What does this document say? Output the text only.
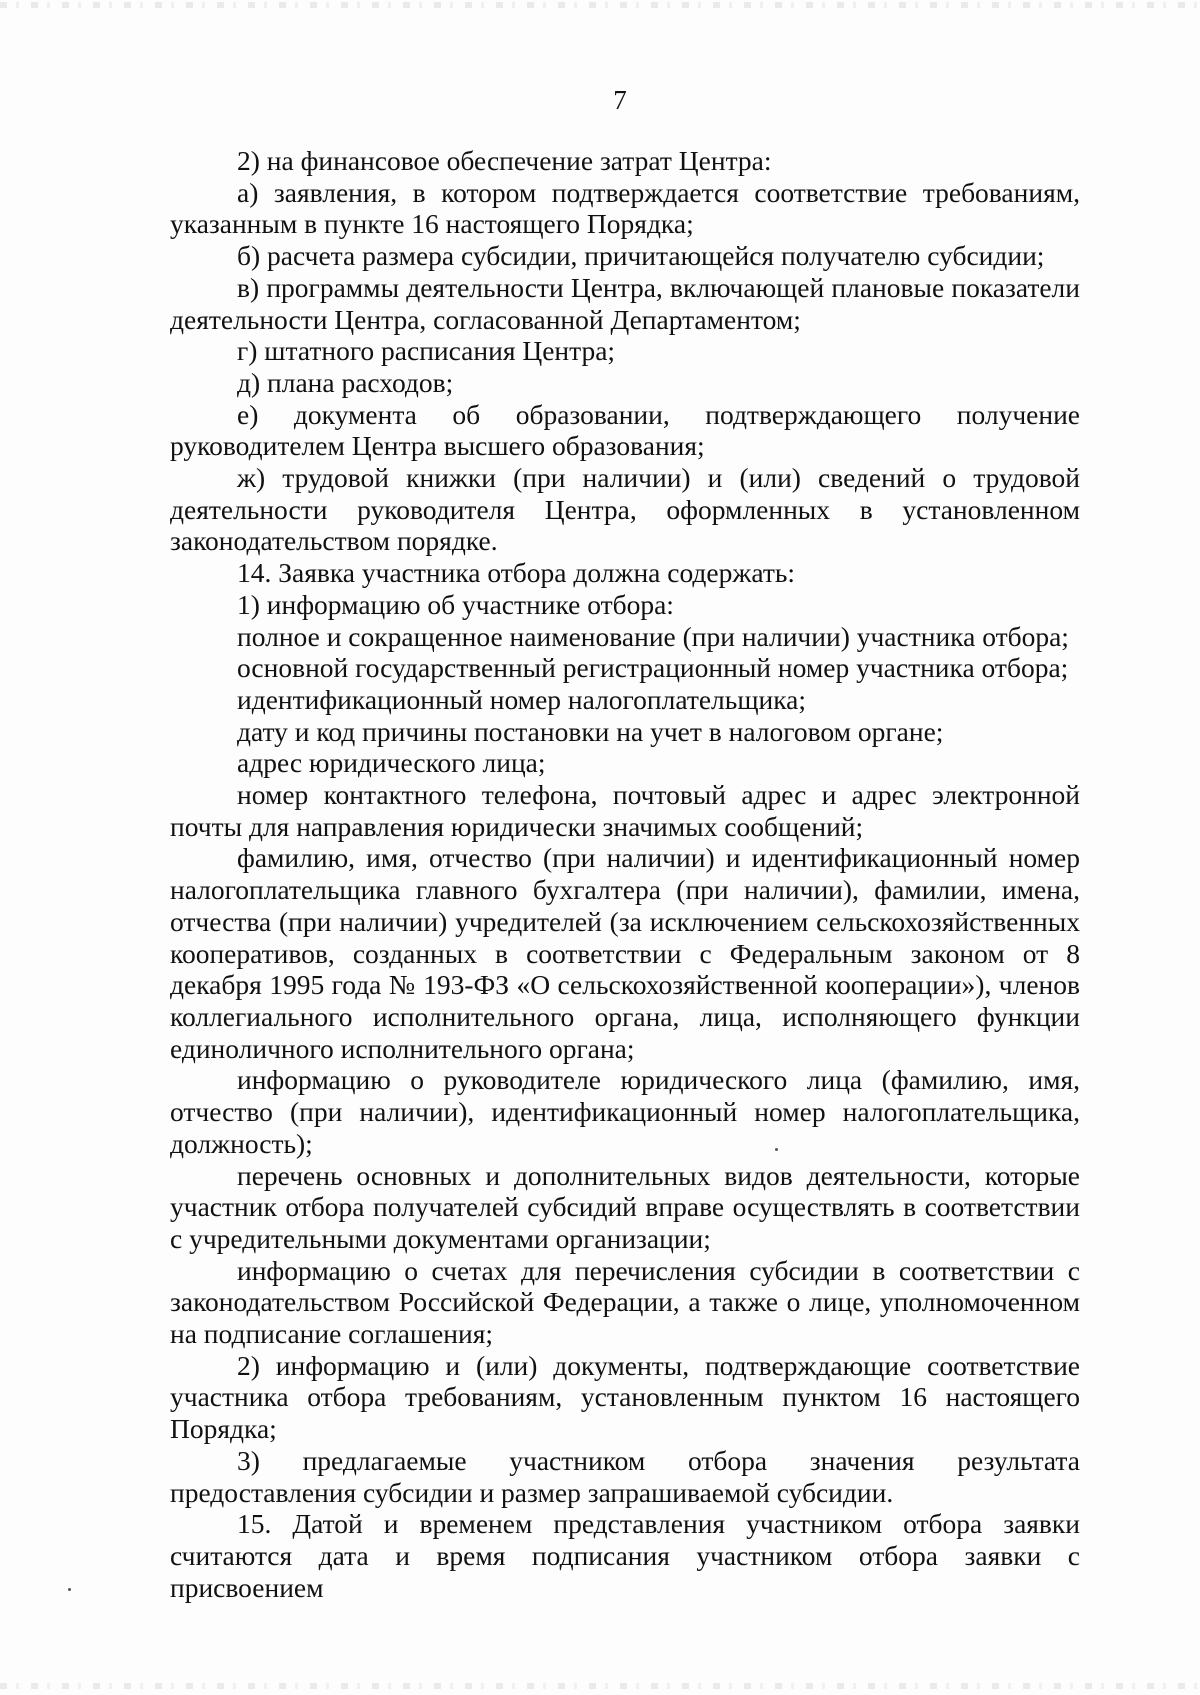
7

2) на финансовое обеспечение затрат Центра:

а) заявления, в котором подтверждается соответствие требованиям, указанным в пункте 16 настоящего Порядка;

б) расчета размера субсидии, причитающейся получателю субсидии;

в) программы деятельности Центра, включающей плановые показатели деятельности Центра, согласованной Департаментом;

г) штатного расписания Центра;

д) плана расходов;

е) документа об образовании, подтверждающего получение руководителем Центра высшего образования;

ж) трудовой книжки (при наличии) и (или) сведений о трудовой деятельности руководителя Центра, оформленных в установленном законодательством порядке.

14. Заявка участника отбора должна содержать:

1) информацию об участнике отбора:

полное и сокращенное наименование (при наличии) участника отбора;

основной государственный регистрационный номер участника отбора;

идентификационный номер налогоплательщика;

дату и код причины постановки на учет в налоговом органе;

адрес юридического лица;

номер контактного телефона, почтовый адрес и адрес электронной почты для направления юридически значимых сообщений;

фамилию, имя, отчество (при наличии) и идентификационный номер налогоплательщика главного бухгалтера (при наличии), фамилии, имена, отчества (при наличии) учредителей (за исключением сельскохозяйственных кооперативов, созданных в соответствии с Федеральным законом от 8 декабря 1995 года № 193-ФЗ «О сельскохозяйственной кооперации»), членов коллегиального исполнительного органа, лица, исполняющего функции единоличного исполнительного органа;

информацию о руководителе юридического лица (фамилию, имя, отчество (при наличии), идентификационный номер налогоплательщика, должность);

перечень основных и дополнительных видов деятельности, которые участник отбора получателей субсидий вправе осуществлять в соответствии с учредительными документами организации;

информацию о счетах для перечисления субсидии в соответствии с законодательством Российской Федерации, а также о лице, уполномоченном на подписание соглашения;

2) информацию и (или) документы, подтверждающие соответствие участника отбора требованиям, установленным пунктом 16 настоящего Порядка;

3) предлагаемые участником отбора значения результата предоставления субсидии и размер запрашиваемой субсидии.

15. Датой и временем представления участником отбора заявки считаются дата и время подписания участником отбора заявки с присвоением
